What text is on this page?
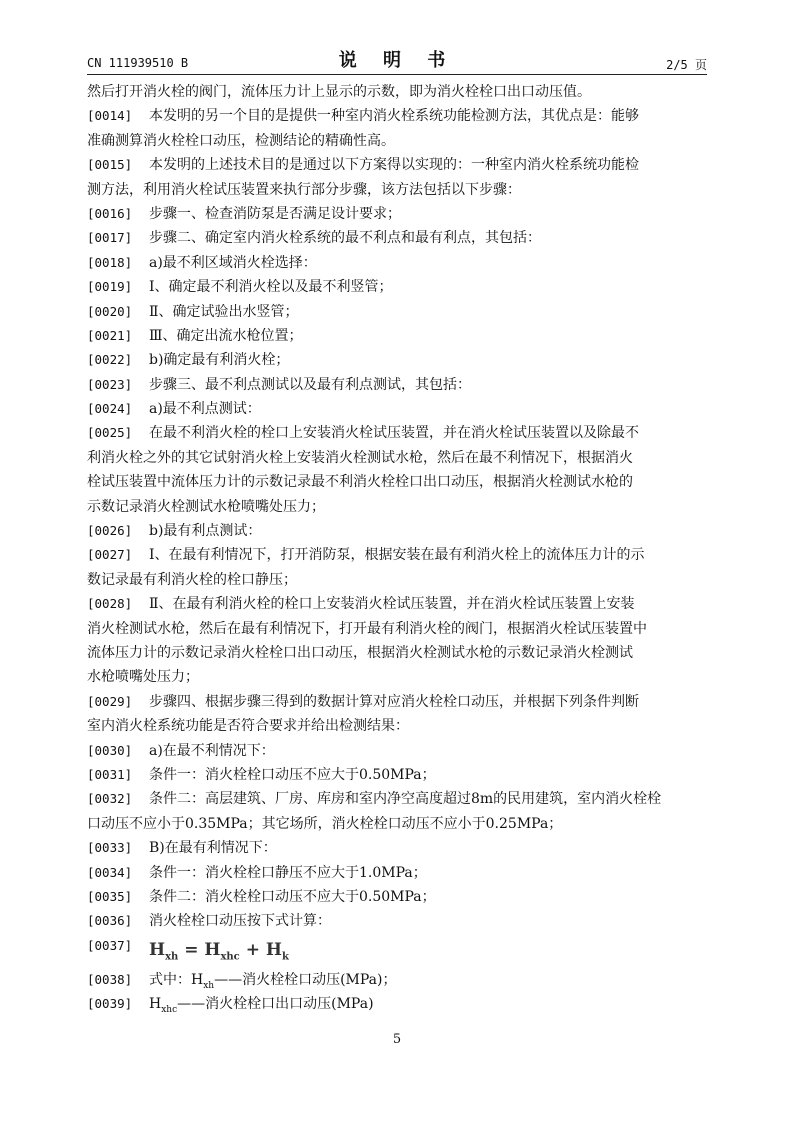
CN 111939510 B	说 明 书	2/5 页
然后打开消火栓的阀门，流体压力计上显示的示数，即为消火栓栓口出口动压值。
[0014]	本发明的另一个目的是提供一种室内消火栓系统功能检测方法，其优点是：能够
准确测算消火栓栓口动压，检测结论的精确性高。
[0015]	本发明的上述技术目的是通过以下方案得以实现的：一种室内消火栓系统功能检
测方法，利用消火栓试压装置来执行部分步骤，该方法包括以下步骤：
[0016]	步骤一、检查消防泵是否满足设计要求；
[0017]	步骤二、确定室内消火栓系统的最不利点和最有利点，其包括：
[0018]	a)最不利区域消火栓选择：
[0019]	Ⅰ、确定最不利消火栓以及最不利竖管；
[0020]	Ⅱ、确定试验出水竖管；
[0021]	Ⅲ、确定出流水枪位置；
[0022]	b)确定最有利消火栓；
[0023]	步骤三、最不利点测试以及最有利点测试，其包括：
[0024]	a)最不利点测试：
[0025]	在最不利消火栓的栓口上安装消火栓试压装置，并在消火栓试压装置以及除最不
利消火栓之外的其它试射消火栓上安装消火栓测试水枪，然后在最不利情况下，根据消火
栓试压装置中流体压力计的示数记录最不利消火栓栓口出口动压，根据消火栓测试水枪的
示数记录消火栓测试水枪喷嘴处压力；
[0026]	b)最有利点测试：
[0027]	Ⅰ、在最有利情况下，打开消防泵，根据安装在最有利消火栓上的流体压力计的示
数记录最有利消火栓的栓口静压；
[0028]	Ⅱ、在最有利消火栓的栓口上安装消火栓试压装置，并在消火栓试压装置上安装
消火栓测试水枪，然后在最有利情况下，打开最有利消火栓的阀门，根据消火栓试压装置中
流体压力计的示数记录消火栓栓口出口动压，根据消火栓测试水枪的示数记录消火栓测试
水枪喷嘴处压力；
[0029]	步骤四、根据步骤三得到的数据计算对应消火栓栓口动压，并根据下列条件判断
室内消火栓系统功能是否符合要求并给出检测结果：
[0030]	a)在最不利情况下：
[0031]	条件一：消火栓栓口动压不应大于0.50MPa；
[0032]	条件二：高层建筑、厂房、库房和室内净空高度超过8m的民用建筑，室内消火栓栓
口动压不应小于0.35MPa；其它场所，消火栓栓口动压不应小于0.25MPa；
[0033]	B)在最有利情况下：
[0034]	条件一：消火栓栓口静压不应大于1.0MPa；
[0035]	条件二：消火栓栓口动压不应大于0.50MPa；
[0036]	消火栓栓口动压按下式计算：
[0037] $H_{xh} = H_{xhc} + H_k$
[0038]	式中：$H_{xh}——$消火栓栓口动压(MPa)；
[0039]	$H_{xhc}——$消火栓栓口出口动压(MPa)
5
